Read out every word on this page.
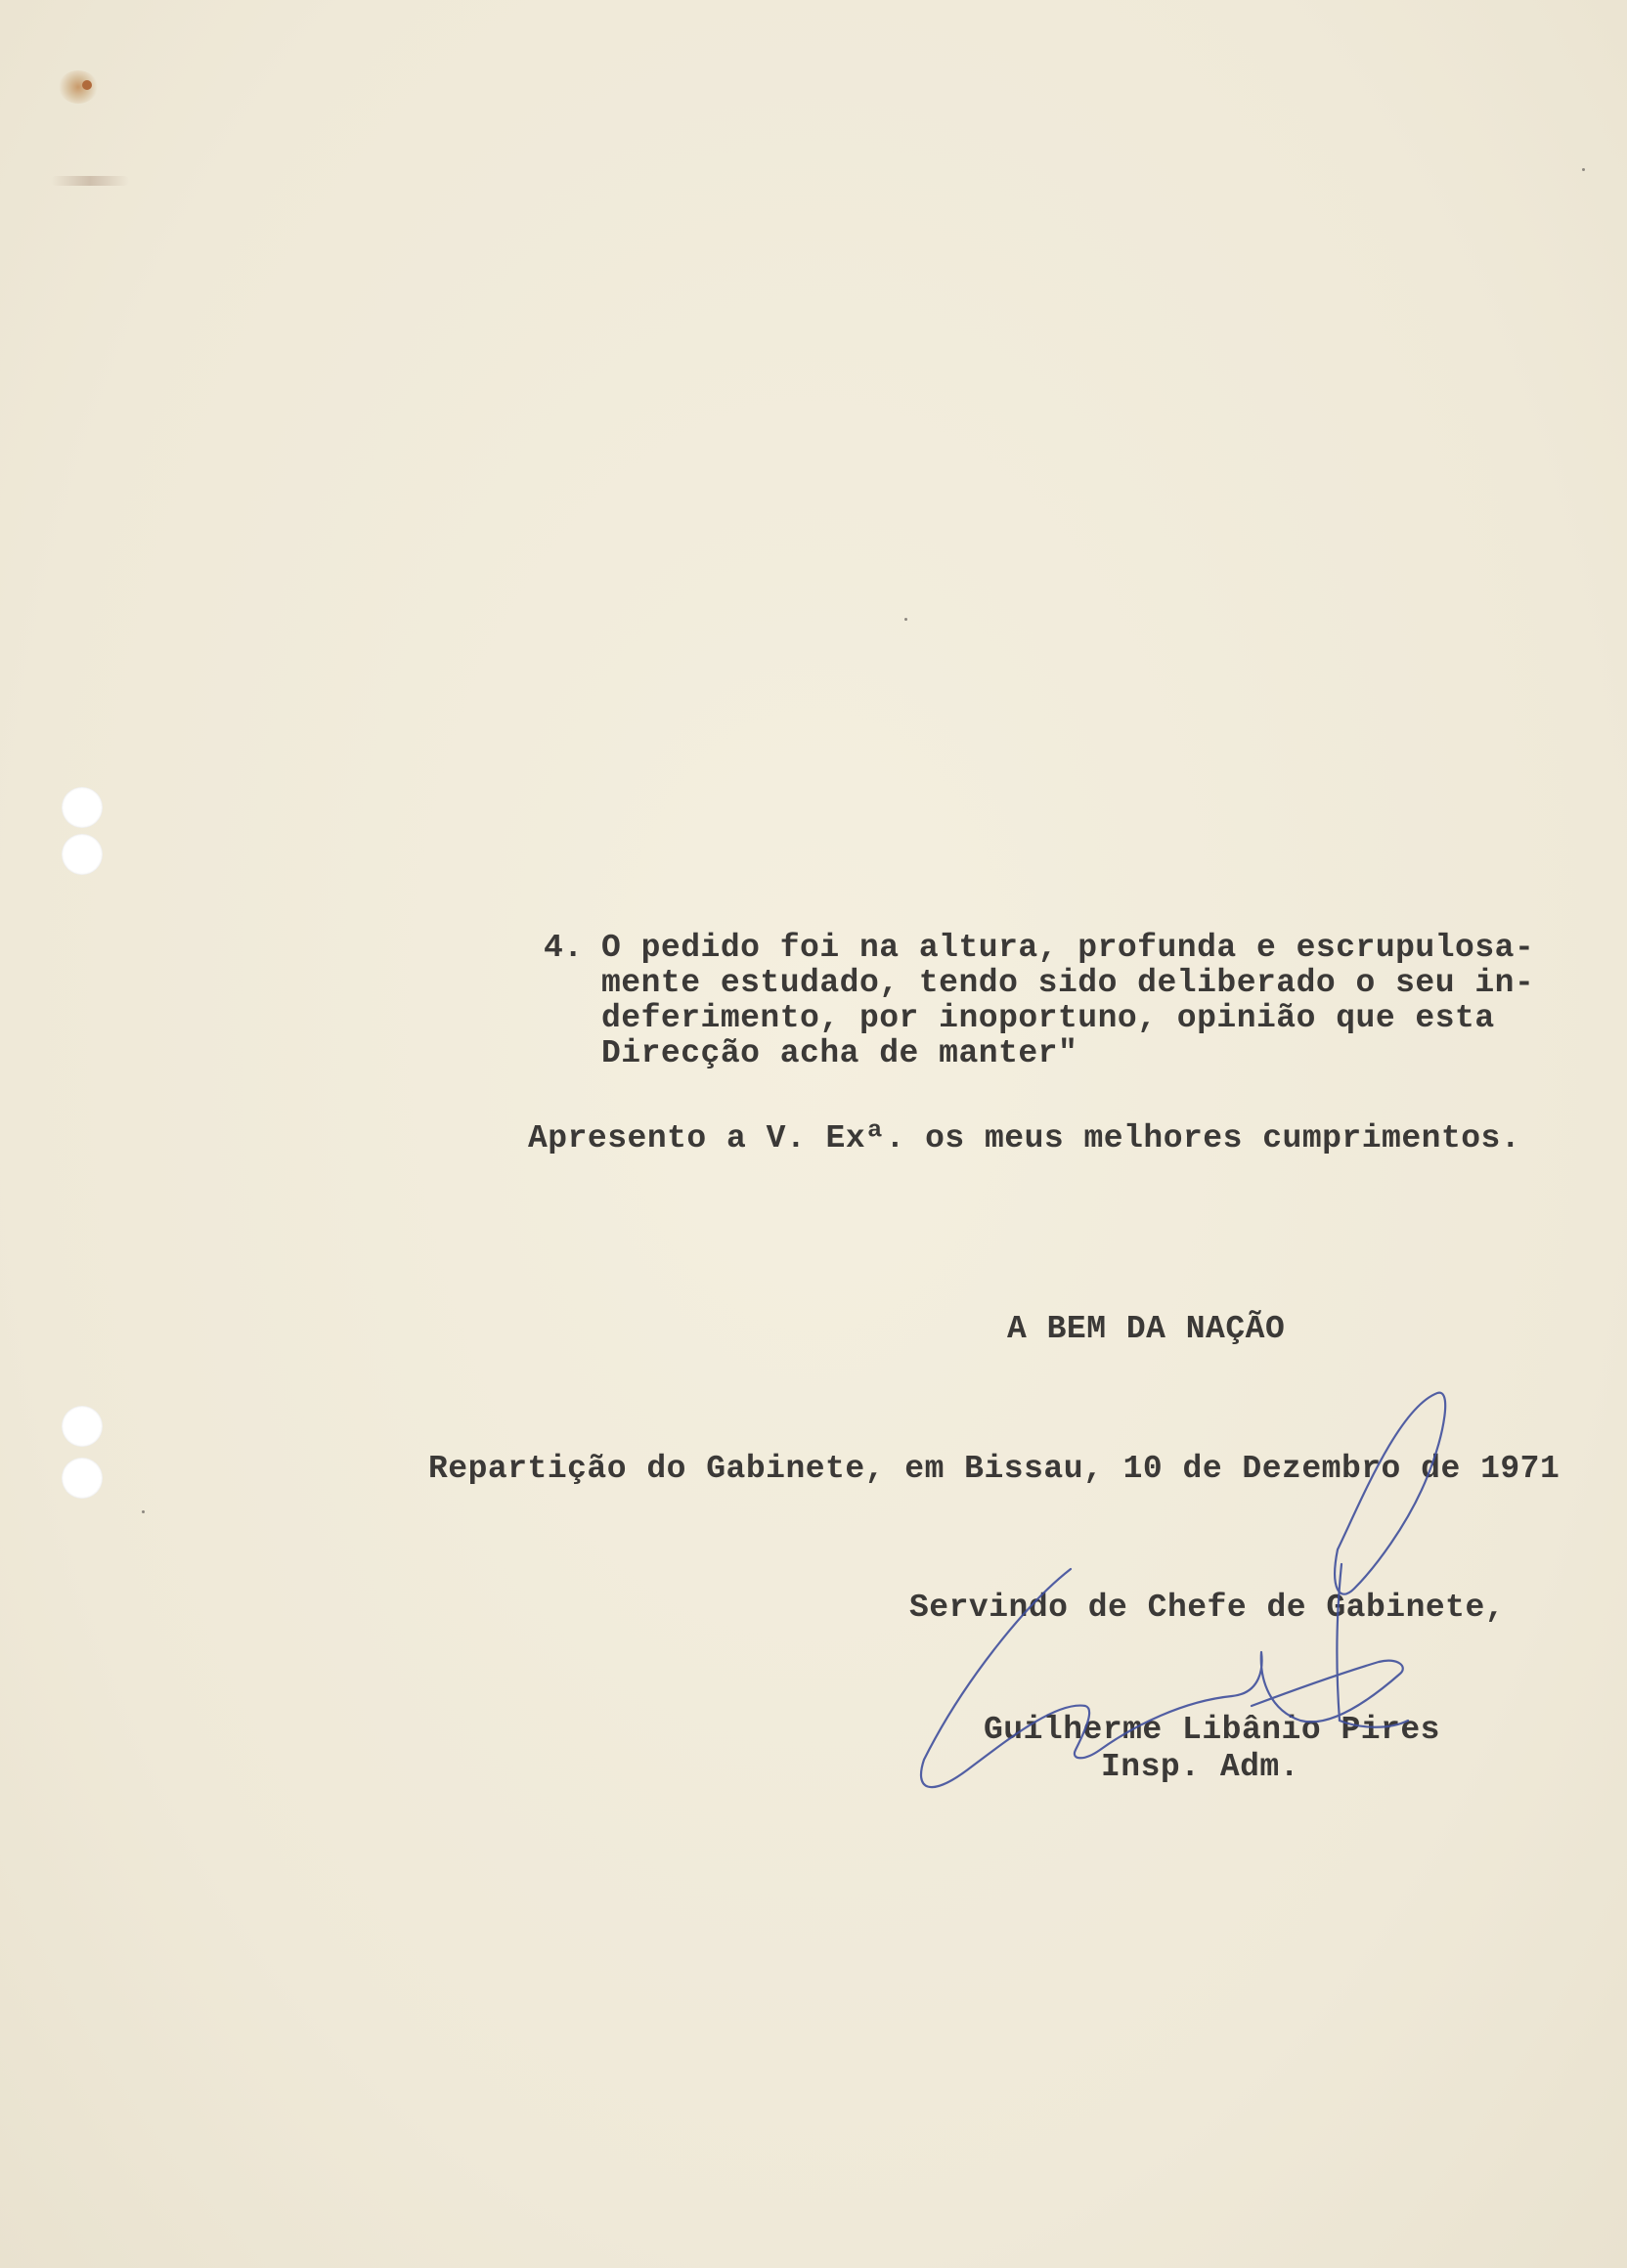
4. O pedido foi na altura, profunda e escrupulosa-
mente estudado, tendo sido deliberado o seu in-
deferimento, por inoportuno, opinião que esta
Direcção acha de manter"
Apresento a V. Exª. os meus melhores cumprimentos.
A BEM DA NAÇÃO
Repartição do Gabinete, em Bissau, 10 de Dezembro de 1971
Servindo de Chefe de Gabinete,
Guilherme Libânio Pires
Insp. Adm.
